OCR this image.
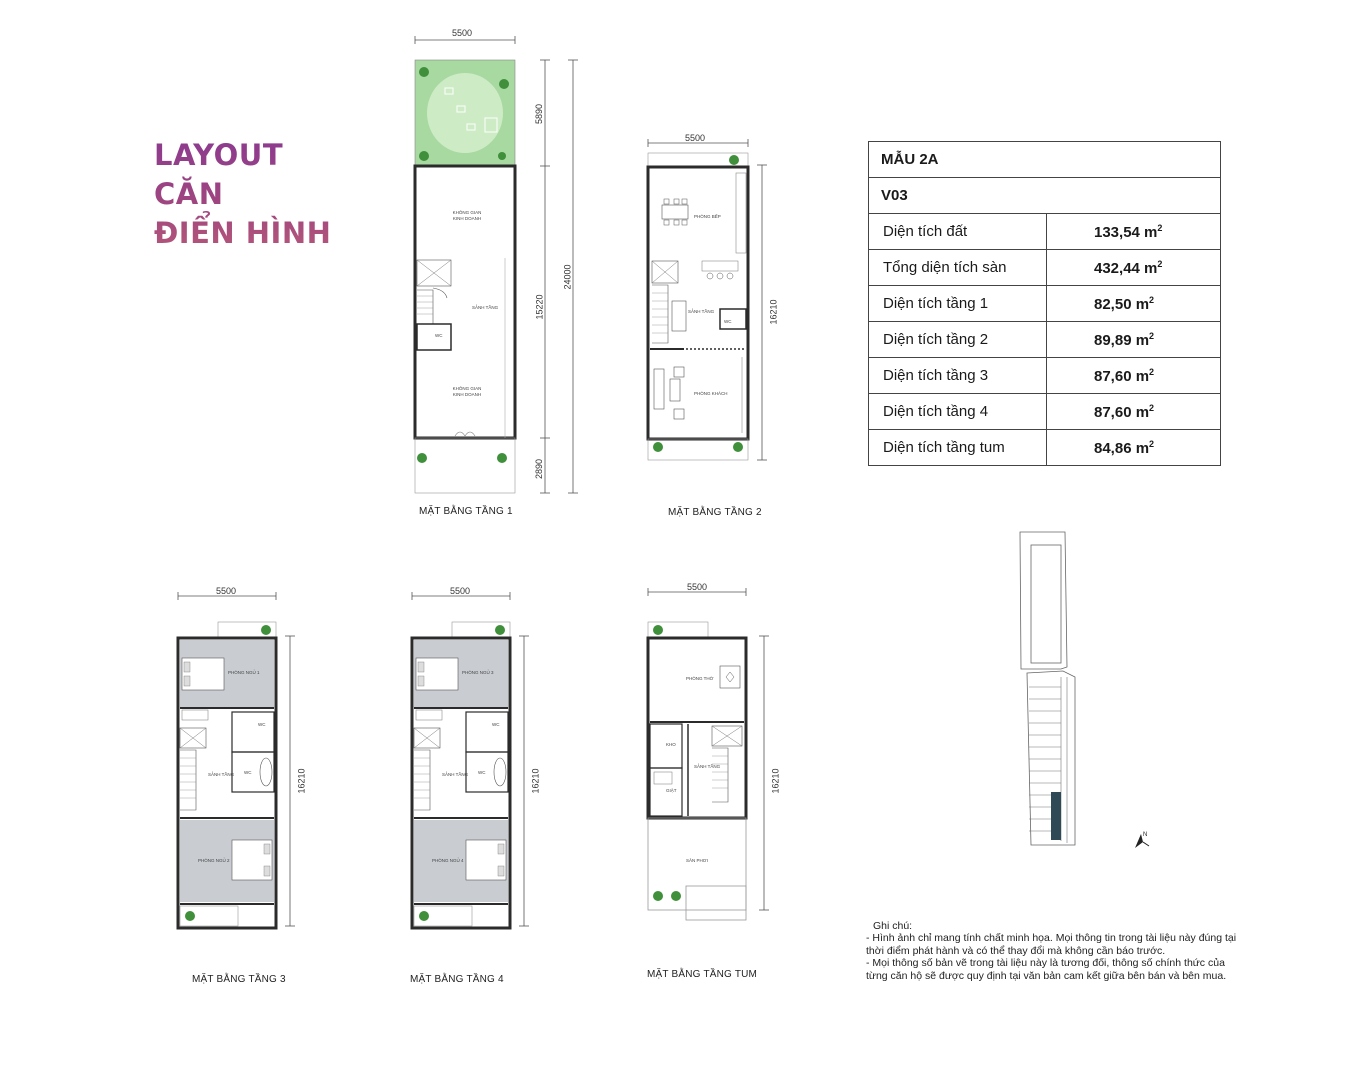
LAYOUT
CĂN
ĐIỂN HÌNH
5500
5890
15220
2890
24000
KHÔNG GIAN KINH DOANH
SẢNH TẦNG
WC
KHÔNG GIAN KINH DOANH
MẶT BẰNG TẦNG 1
5500
16210
PHÒNG BẾP
SẢNH TẦNG
WC
PHÒNG KHÁCH
MẶT BẰNG TẦNG 2
5500
16210
PHÒNG NGỦ 1
WC
SẢNH TẦNG WC
PHÒNG NGỦ 2
MẶT BẰNG TẦNG 3
5500
16210
PHÒNG NGỦ 3
WC
SẢNH TẦNG WC
PHÒNG NGỦ 4
MẶT BẰNG TẦNG 4
5500
16210
PHÒNG THỜ
KHO
SẢNH TẦNG
GIẶT
SÂN PHƠI
MẶT BẰNG TẦNG TUM
MẪU 2A	
V03	
Diện tích đất	133,54 $m^2$
Tổng diện tích sàn	432,44 $m^2$
Diện tích tầng 1	82,50 $m^2$
Diện tích tầng 2	89,89 $m^2$
Diện tích tầng 3	87,60 $m^2$
Diện tích tầng 4	87,60 $m^2$
Diện tích tầng tum	84,86 $m^2$

N
Ghi chú:
- Hình ảnh chỉ mang tính chất minh họa. Mọi thông tin trong tài liệu này đúng tại thời điểm phát hành và có thể thay đổi mà không cần báo trước.
- Mọi thông số bản vẽ trong tài liệu này là tương đối, thông số chính thức của từng căn hộ sẽ được quy định tại văn bản cam kết giữa bên bán và bên mua.
